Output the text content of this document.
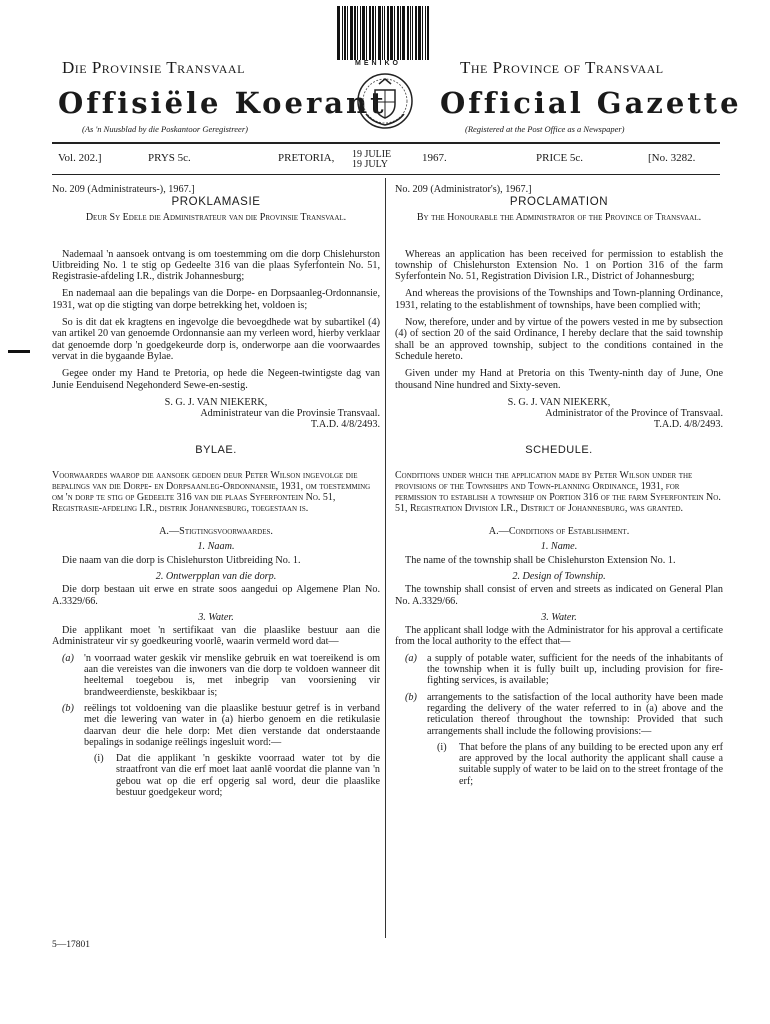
MENIKO
Die Provinsie Transvaal	The Province of Transvaal
Offisiële Koerant Official Gazette
(As 'n Nuusblad by die Poskantoor Geregistreer)	(Registered at the Post Office as a Newspaper)
Vol. 202.]	PRYS 5c.	PRETORIA, 19 JULIE
19 JULY
1967.	PRICE 5c.	[No. 3282.
No. 209 (Administrateurs-), 1967.]
PROKLAMASIE
Deur Sy Edele die Administrateur van die Provinsie Transvaal.

Nademaal 'n aansoek ontvang is om toestemming om die dorp Chislehurston Uitbreiding No. 1 te stig op Gedeelte 316 van die plaas Syferfontein No. 51, Registrasie-afdeling I.R., distrik Johannesburg;

En nademaal aan die bepalings van die Dorpe- en Dorpsaanleg-Ordonnansie, 1931, wat op die stigting van dorpe betrekking het, voldoen is;

So is dit dat ek kragtens en ingevolge die bevoegdhede wat by subartikel (4) van artikel 20 van genoemde Ordonnansie aan my verleen word, hierby verklaar dat genoemde dorp 'n goedgekeurde dorp is, onderworpe aan die voorwaardes vervat in die bygaande Bylae.

Gegee onder my Hand te Pretoria, op hede die Negeen-twintigste dag van Junie Eenduisend Negehonderd Sewe-en-sestig.

S. G. J. VAN NIEKERK,
Administrateur van die Provinsie Transvaal.
T.A.D. 4/8/2493.
BYLAE.
Voorwaardes waarop die aansoek gedoen deur Peter Wilson ingevolge die bepalings van die Dorpe- en Dorpsaanleg-Ordonnansie, 1931, om toestemming om 'n dorp te stig op Gedeelte 316 van die plaas Syferfontein No. 51, Registrasie-afdeling I.R., distrik Johannesburg, toegestaan is.
A.—Stigtingsvoorwaardes.
1. Naam.

Die naam van die dorp is Chislehurston Uitbreiding No. 1.

2. Ontwerpplan van die dorp.

Die dorp bestaan uit erwe en strate soos aangedui op Algemene Plan No. A.3329/66.

3. Water.

Die applikant moet 'n sertifikaat van die plaaslike bestuur aan die Administrateur vir sy goedkeuring voorlê, waarin vermeld word dat—

(a) 'n voorraad water geskik vir menslike gebruik en wat toereikend is om aan die vereistes van die inwoners van die dorp te voldoen wanneer dit heeltemal toegebou is, met inbegrip van voorsiening vir brandweerdienste, beskikbaar is;
(b) reëlings tot voldoening van die plaaslike bestuur getref is in verband met die lewering van water in (a) hierbo genoem en die retikulasie daarvan deur die hele dorp: Met dien verstande dat onderstaande bepalings in sodanige reëlings ingesluit word:—
(i)	Dat die applikant 'n geskikte voorraad water tot by die straatfront van die erf moet laat aanlê voordat die planne van 'n gebou wat op die erf opgerig sal word, deur die plaaslike bestuur goedgekeur word;
No. 209 (Administrator's), 1967.]
PROCLAMATION
By the Honourable the Administrator of the Province of Transvaal.

Whereas an application has been received for permission to establish the township of Chislehurston Extension No. 1 on Portion 316 of the farm Syferfontein No. 51, Registration Division I.R., District of Johannesburg;

And whereas the provisions of the Townships and Town-planning Ordinance, 1931, relating to the establishment of townships, have been complied with;

Now, therefore, under and by virtue of the powers vested in me by subsection (4) of section 20 of the said Ordinance, I hereby declare that the said township shall be an approved township, subject to the conditions contained in the Schedule hereto.

Given under my Hand at Pretoria on this Twenty-ninth day of June, One thousand Nine hundred and Sixty-seven.

S. G. J. VAN NIEKERK,
Administrator of the Province of Transvaal.
T.A.D. 4/8/2493.
SCHEDULE.
Conditions under which the application made by Peter Wilson under the provisions of the Townships and Town-planning Ordinance, 1931, for permission to establish a township on Portion 316 of the farm Syferfontein No. 51, Registration Division I.R., District of Johannesburg, was granted.
A.—Conditions of Establishment.
1. Name.

The name of the township shall be Chislehurston Extension No. 1.

2. Design of Township.

The township shall consist of erven and streets as indicated on General Plan No. A.3329/66.

3. Water.

The applicant shall lodge with the Administrator for his approval a certificate from the local authority to the effect that—

(a) a supply of potable water, sufficient for the needs of the inhabitants of the township when it is fully built up, including provision for fire-fighting services, is available;
(b) arrangements to the satisfaction of the local authority have been made regarding the delivery of the water referred to in (a) above and the reticulation thereof throughout the township: Provided that such arrangements shall include the following provisions:—
(i)	That before the plans of any building to be erected upon any erf are approved by the local authority the applicant shall cause a suitable supply of water to be laid on to the street frontage of the erf;
5—17801
